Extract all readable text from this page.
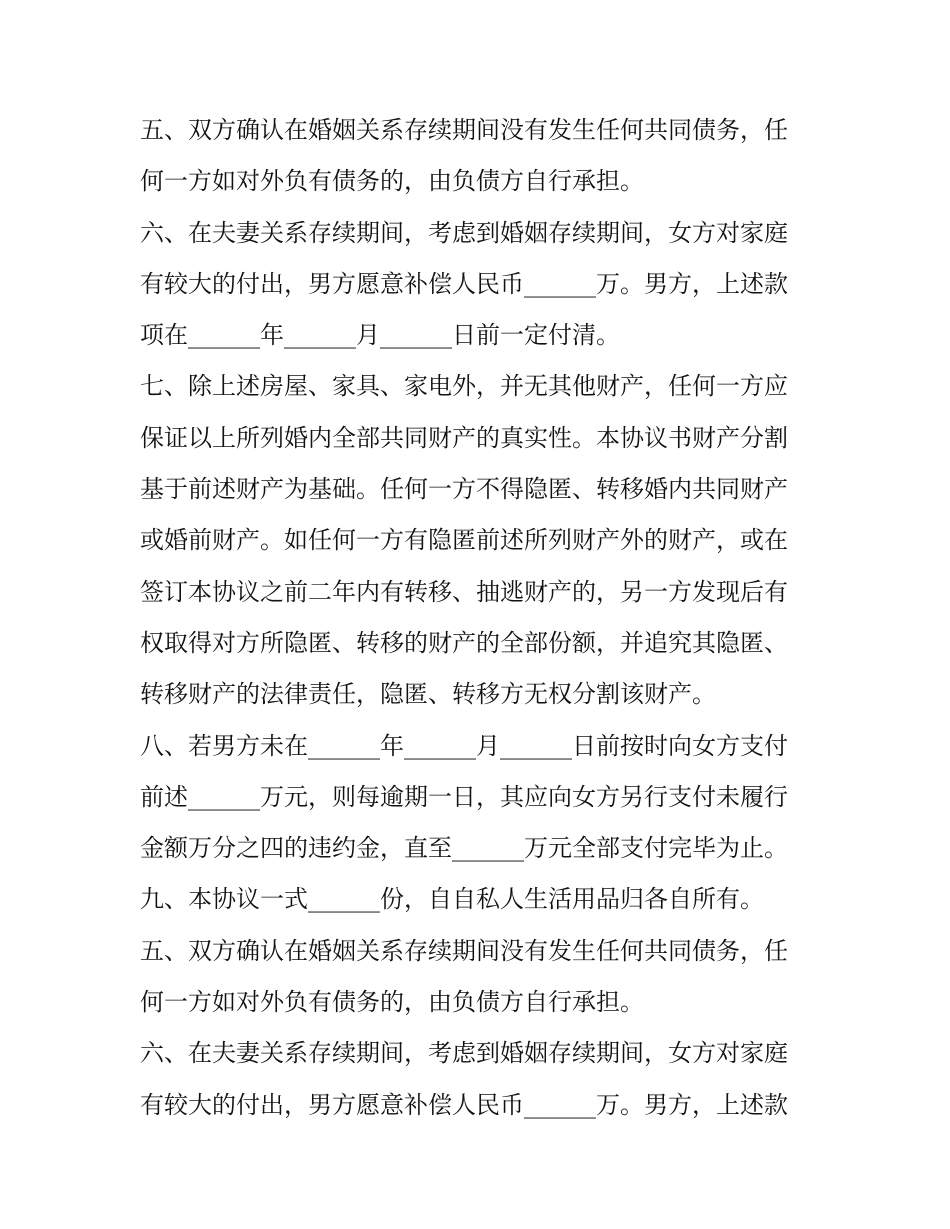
五、双方确认在婚姻关系存续期间没有发生任何共同债务，任
何一方如对外负有债务的，由负债方自行承担。
六、在夫妻关系存续期间，考虑到婚姻存续期间，女方对家庭
有较大的付出，男方愿意补偿人民币______万。男方，上述款
项在______年______月______日前一定付清。
七、除上述房屋、家具、家电外，并无其他财产，任何一方应
保证以上所列婚内全部共同财产的真实性。本协议书财产分割
基于前述财产为基础。任何一方不得隐匿、转移婚内共同财产
或婚前财产。如任何一方有隐匿前述所列财产外的财产，或在
签订本协议之前二年内有转移、抽逃财产的，另一方发现后有
权取得对方所隐匿、转移的财产的全部份额，并追究其隐匿、
转移财产的法律责任，隐匿、转移方无权分割该财产。
八、若男方未在______年______月______日前按时向女方支付
前述______万元，则每逾期一日，其应向女方另行支付未履行
金额万分之四的违约金，直至______万元全部支付完毕为止。
九、本协议一式______份，自自私人生活用品归各自所有。
五、双方确认在婚姻关系存续期间没有发生任何共同债务，任
何一方如对外负有债务的，由负债方自行承担。
六、在夫妻关系存续期间，考虑到婚姻存续期间，女方对家庭
有较大的付出，男方愿意补偿人民币______万。男方，上述款
